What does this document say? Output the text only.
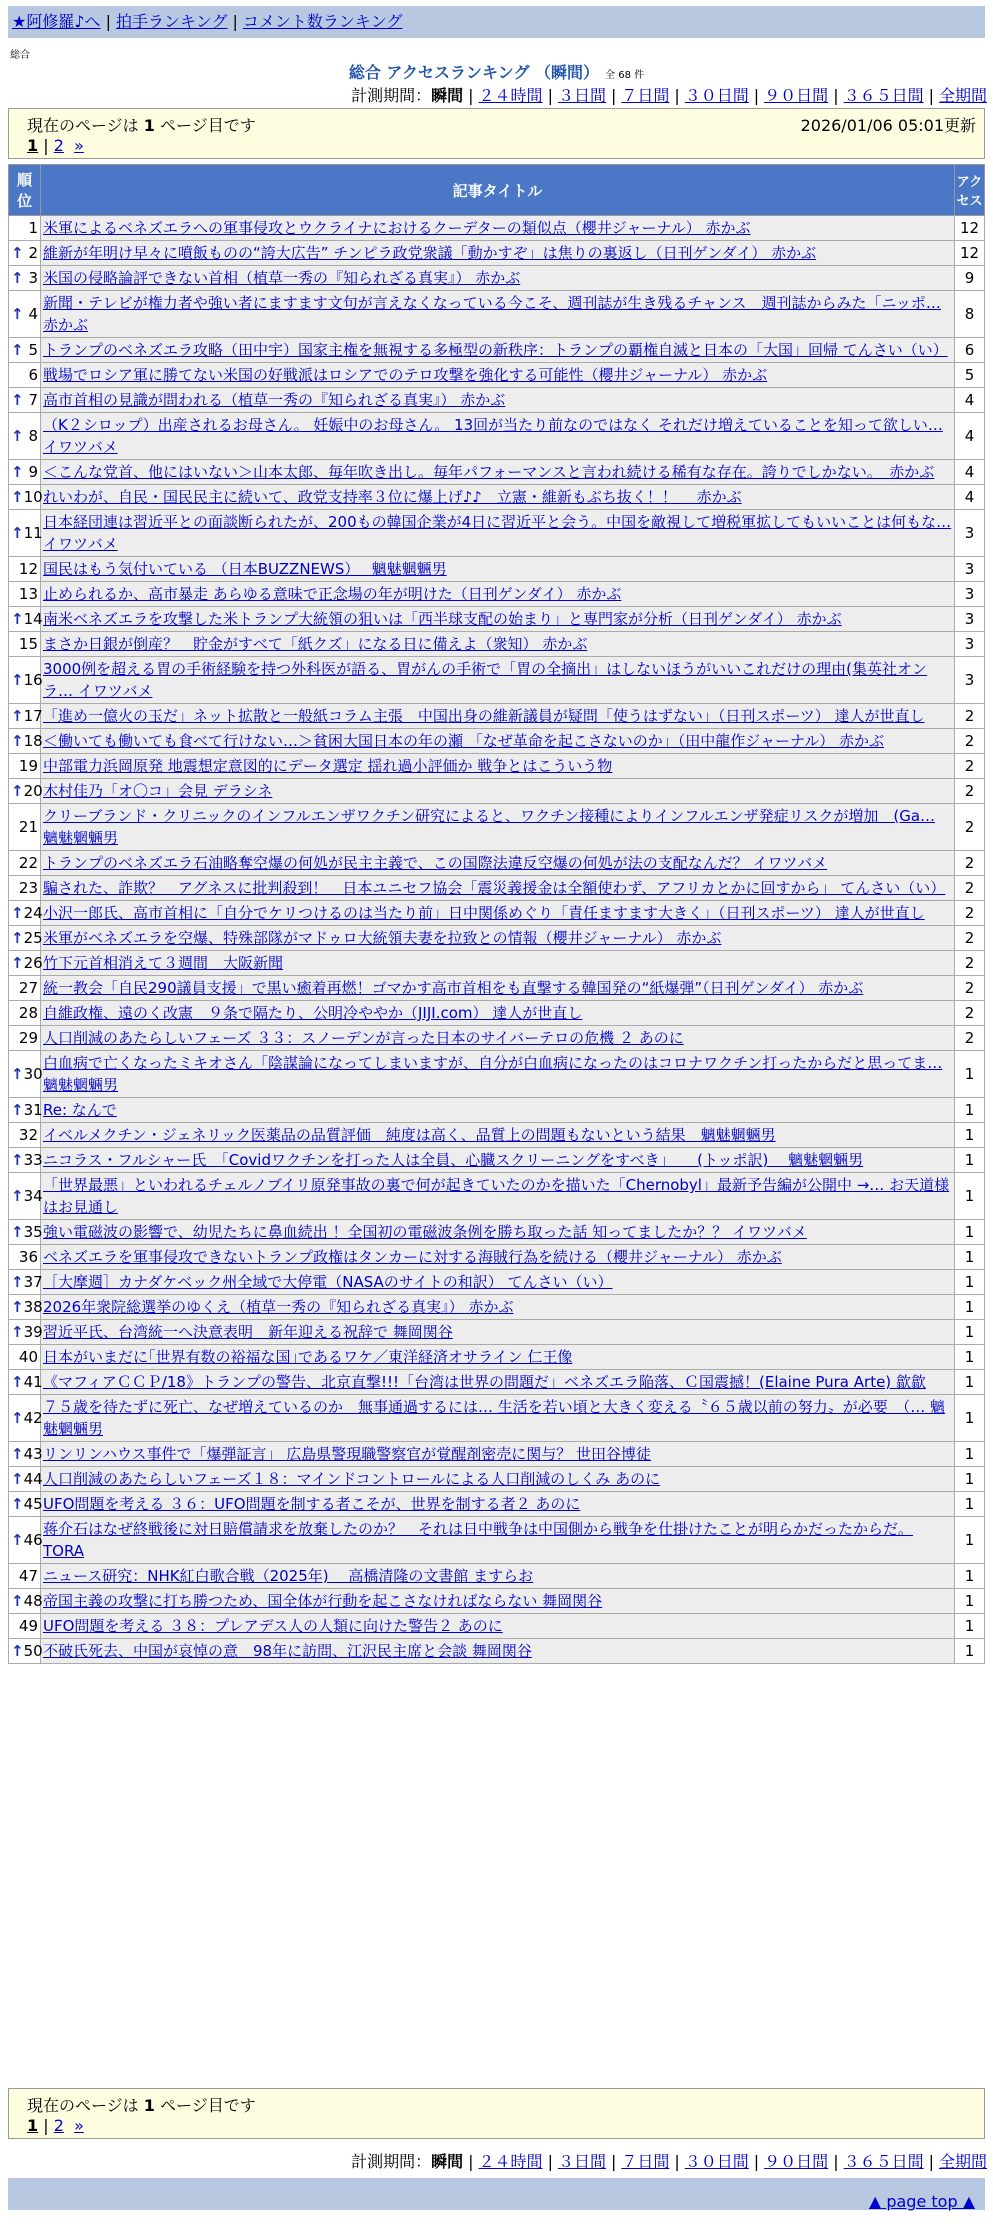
★阿修羅♪へ | 拍手ランキング | コメント数ランキング
総合
総合 アクセスランキング （瞬間） 全 68 件
計測期間：瞬間 | ２４時間 | ３日間 | ７日間 | ３０日間 | ９０日間 | ３６５日間 | 全期間
現在のページは 1 ページ目です	2026/01/06 05:01更新
1 | 2 »
順位	記事タイトル	アクセス
1	米軍によるベネズエラへの軍事侵攻とウクライナにおけるクーデターの類似点（櫻井ジャーナル） 赤かぶ	12

↑ 2	維新が年明け早々に噴飯ものの“誇大広告” チンピラ政党衆議「動かすぞ」は焦りの裏返し（日刊ゲンダイ） 赤かぶ	12

↑ 3	米国の侵略論評できない首相（植草一秀の『知られざる真実』） 赤かぶ	9

↑ 4	新聞・テレビが権力者や強い者にますます文句が言えなくなっている今こそ、週刊誌が生き残るチャンス　週刊誌からみた「ニッポ… 赤かぶ	8

↑ 5	トランプのベネズエラ攻略（田中宇）国家主権を無視する多極型の新秩序：トランプの覇権自滅と日本の「大国」回帰 てんさい（い）	6
6	戦場でロシア軍に勝てない米国の好戦派はロシアでのテロ攻撃を強化する可能性（櫻井ジャーナル） 赤かぶ	5

↑ 7	高市首相の見識が問われる（植草一秀の『知られざる真実』） 赤かぶ	4

↑ 8	（K２シロップ）出産されるお母さん。 妊娠中のお母さん。 13回が当たり前なのではなく それだけ増えていることを知って欲しい… イワツバメ	4

↑ 9	＜こんな党首、他にはいない＞山本太郎、毎年吹き出し。毎年パフォーマンスと言われ続ける稀有な存在。誇りでしかない。　赤かぶ	4

↑ 10	れいわが、自民・国民民主に続いて、政党支持率３位に爆上げ♪♪　立憲・維新もぶち抜く！！　 赤かぶ	4

↑ 11	日本経団連は習近平との面談断られたが、200もの韓国企業が4日に習近平と会う。中国を敵視して増税軍拡してもいいことは何もな… イワツバメ	3
12	国民はもう気付いている （日本BUZZNEWS）　 魑魅魍魎男	3
13	止められるか、高市暴走 あらゆる意味で正念場の年が明けた（日刊ゲンダイ） 赤かぶ	3

↑ 14	南米ベネズエラを攻撃した米トランプ大統領の狙いは「西半球支配の始まり」と専門家が分析（日刊ゲンダイ） 赤かぶ	3
15	まさか日銀が倒産？　貯金がすべて「紙クズ」になる日に備えよ（衆知） 赤かぶ	3

↑ 16	3000例を超える胃の手術経験を持つ外科医が語る、胃がんの手術で「胃の全摘出」はしないほうがいいこれだけの理由(集英社オンラ… イワツバメ	3

↑ 17	「進め一億火の玉だ」ネット拡散と一般紙コラム主張　中国出身の維新議員が疑問「使うはずない」（日刊スポーツ） 達人が世直し	2

↑ 18	＜働いても働いても食べて行けない…＞貧困大国日本の年の瀬 「なぜ革命を起こさないのか」（田中龍作ジャーナル） 赤かぶ	2
19	中部電力浜岡原発 地震想定意図的にデータ選定 揺れ過小評価か 戦争とはこういう物	2

↑ 20	木村佳乃「オ〇コ」会見 デラシネ	2
21	クリーブランド・クリニックのインフルエンザワクチン研究によると、ワクチン接種によりインフルエンザ発症リスクが増加　(Ga… 魑魅魍魎男	2
22	トランプのベネズエラ石油略奪空爆の何処が民主主義で、この国際法違反空爆の何処が法の支配なんだ？ イワツバメ	2
23	騙された、詐欺？　アグネスに批判殺到！　日本ユニセフ協会「震災義援金は全額使わず、アフリカとかに回すから」 てんさい（い）	2

↑ 24	小沢一郎氏、高市首相に「自分でケリつけるのは当たり前」日中関係めぐり「責任ますます大きく」（日刊スポーツ） 達人が世直し	2

↑ 25	米軍がベネズエラを空爆、特殊部隊がマドゥロ大統領夫妻を拉致との情報（櫻井ジャーナル） 赤かぶ	2

↑ 26	竹下元首相消えて３週間　大阪新聞	2
27	統一教会「自民290議員支援」で黒い癒着再燃！ゴマかす高市首相をも直撃する韓国発の“紙爆弾”（日刊ゲンダイ） 赤かぶ	2
28	自維政権、遠のく改憲　９条で隔たり、公明冷ややか（JIJI.com） 達人が世直し	2
29	人口削減のあたらしいフェーズ ３３：スノーデンが言った日本のサイバーテロの危機 ２ あのに	2

↑ 30	白血病で亡くなったミキオさん「陰謀論になってしまいますが、自分が白血病になったのはコロナワクチン打ったからだと思ってま… 魑魅魍魎男	1

↑ 31	Re: なんで	1
32	イベルメクチン・ジェネリック医薬品の品質評価　純度は高く、品質上の問題もないという結果　魑魅魍魎男	1

↑ 33	ニコラス・フルシャー氏　「Covidワクチンを打った人は全員、心臓スクリーニングをすべき」　　(トッポ訳)　 魑魅魍魎男	1

↑ 34	「世界最悪」といわれるチェルノブイリ原発事故の裏で何が起きていたのかを描いた「Chernobyl」最新予告編が公開中 →… お天道様はお見通し	1

↑ 35	強い電磁波の影響で、幼児たちに鼻血続出 ！全国初の電磁波条例を勝ち取った話 知ってましたか？？ イワツバメ	1
36	ベネズエラを軍事侵攻できないトランプ政権はタンカーに対する海賊行為を続ける（櫻井ジャーナル） 赤かぶ	1

↑ 37	［大摩週］カナダケベック州全域で大停電（NASAのサイトの和訳） てんさい（い）	1

↑ 38	2026年衆院総選挙のゆくえ（植草一秀の『知られざる真実』） 赤かぶ	1

↑ 39	習近平氏、台湾統一へ決意表明　新年迎える祝辞で 舞岡関谷	1
40	日本がいまだに｢世界有数の裕福な国｣であるワケ／東洋経済オサライン 仁王像	1

↑ 41	《マフィアＣＣＰ/18》トランプの警告、北京直撃!!!「台湾は世界の問題だ」ベネズエラ陥落、Ｃ国震撼！(Elaine Pura Arte) 歙歙	1

↑ 42	７５歳を待たずに死亡、なぜ増えているのか　無事通過するには… 生活を若い頃と大きく変える〝６５歳以前の努力〟が必要　（… 魑魅魍魎男	1

↑ 43	リンリンハウス事件で「爆弾証言」 広島県警現職警察官が覚醒剤密売に関与？ 世田谷博徒	1

↑ 44	人口削減のあたらしいフェーズ１８：マインドコントロールによる人口削減のしくみ あのに	1

↑ 45	UFO問題を考える ３６：UFO問題を制する者こそが、世界を制する者２ あのに	1

↑ 46	蒋介石はなぜ終戦後に対日賠償請求を放棄したのか？　それは日中戦争は中国側から戦争を仕掛けたことが明らかだったからだ。 TORA	1
47	ニュース研究：NHK紅白歌合戦（2025年)　 高橋清隆の文書館 ますらお	1

↑ 48	帝国主義の攻撃に打ち勝つため、国全体が行動を起こさなければならない 舞岡関谷	1
49	UFO問題を考える ３８：プレアデス人の人類に向けた警告２ あのに	1

↑ 50	不破氏死去、中国が哀悼の意　98年に訪問、江沢民主席と会談 舞岡関谷	1
現在のページは 1 ページ目です
1 | 2 »
計測期間：瞬間 | ２４時間 | ３日間 | ７日間 | ３０日間 | ９０日間 | ３６５日間 | 全期間
▲ page top ▲
